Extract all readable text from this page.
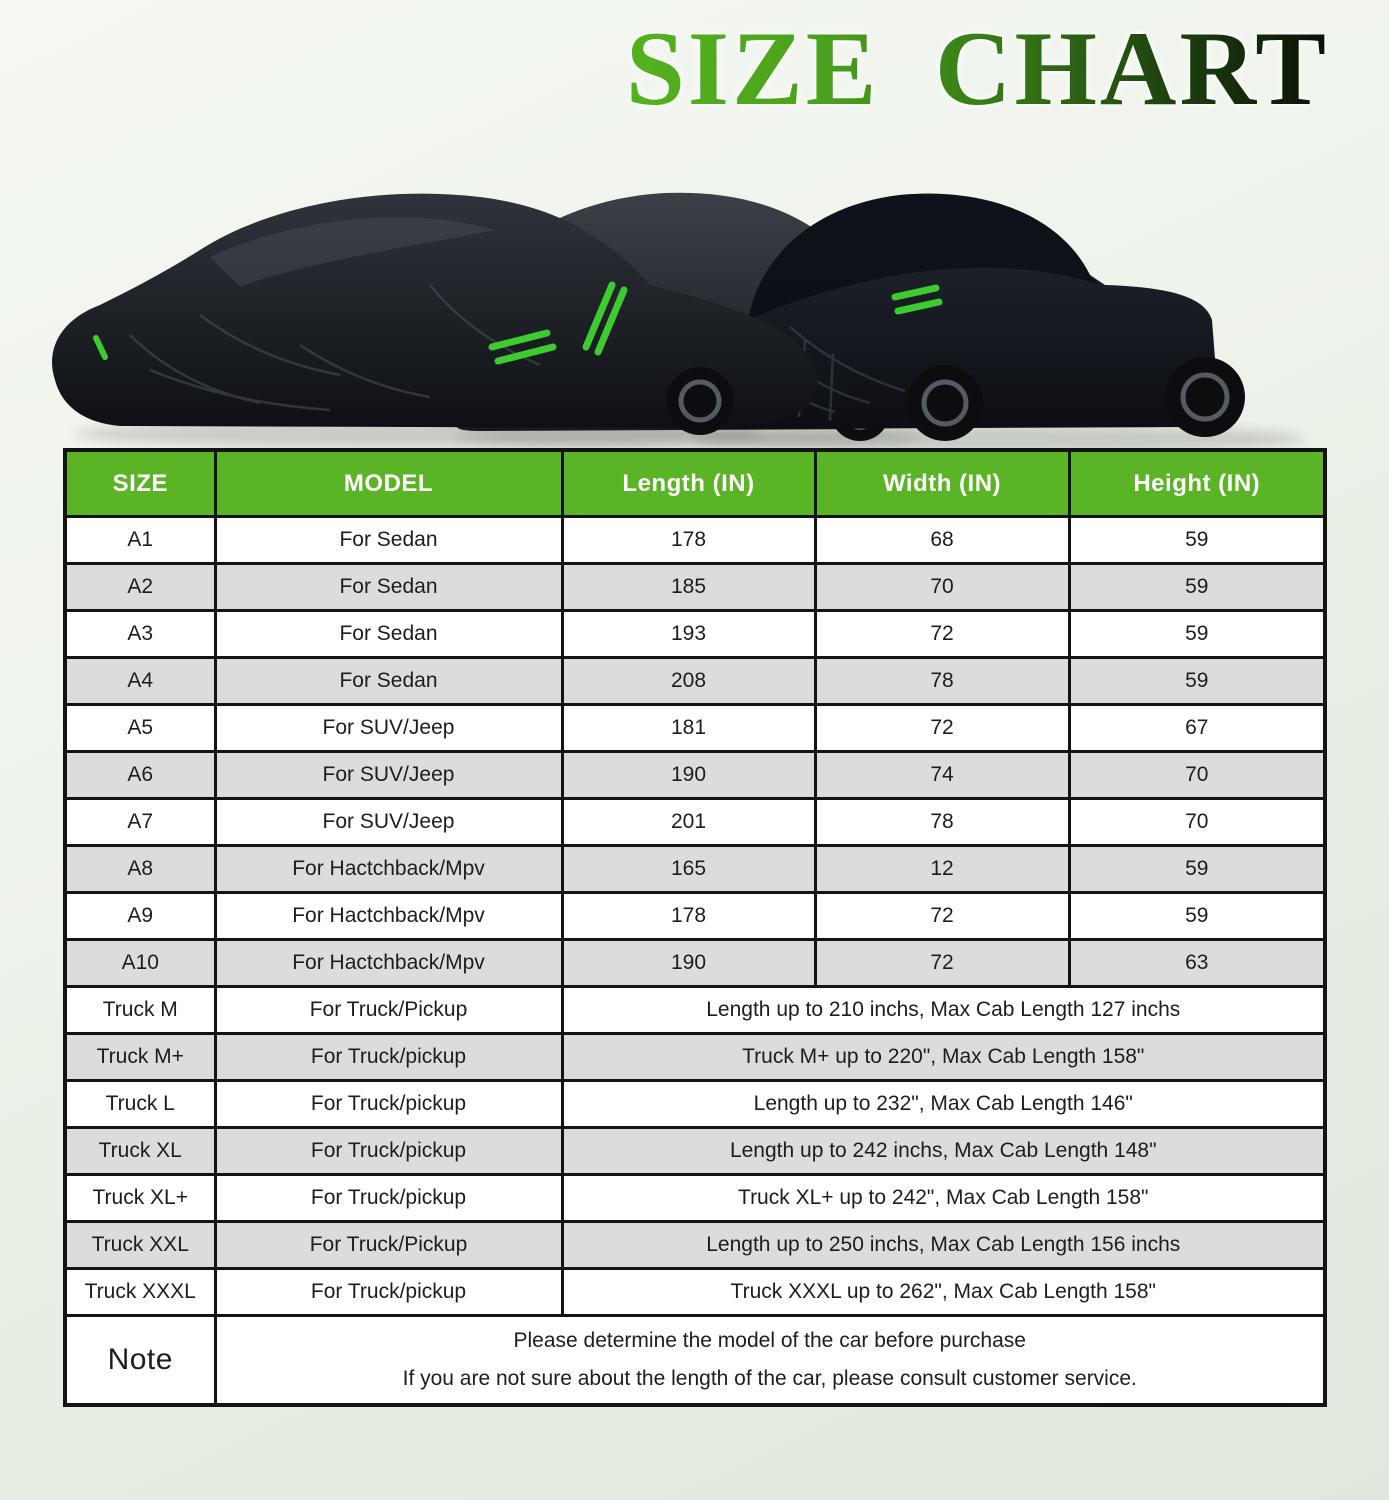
SIZE CHART
SIZE	MODEL	Length (IN)	Width (IN)	Height (IN)
A1	For Sedan	178	68	59
A2	For Sedan	185	70	59
A3	For Sedan	193	72	59
A4	For Sedan	208	78	59
A5	For SUV/Jeep	181	72	67
A6	For SUV/Jeep	190	74	70
A7	For SUV/Jeep	201	78	70
A8	For Hactchback/Mpv	165	12	59
A9	For Hactchback/Mpv	178	72	59
A10	For Hactchback/Mpv	190	72	63
Truck M	For Truck/Pickup	Length up to 210 inchs, Max Cab Length 127 inchs		
Truck M+	For Truck/pickup	Truck M+ up to 220", Max Cab Length 158"		
Truck L	For Truck/pickup	Length up to 232", Max Cab Length 146"		
Truck XL	For Truck/pickup	Length up to 242 inchs, Max Cab Length 148"		
Truck XL+	For Truck/pickup	Truck XL+ up to 242", Max Cab Length 158"		
Truck XXL	For Truck/Pickup	Length up to 250 inchs, Max Cab Length 156 inchs		
Truck XXXL	For Truck/pickup	Truck XXXL up to 262", Max Cab Length 158"		
Note	Please determine the model of the car before purchase
If you are not sure about the length of the car, please consult customer service.			
